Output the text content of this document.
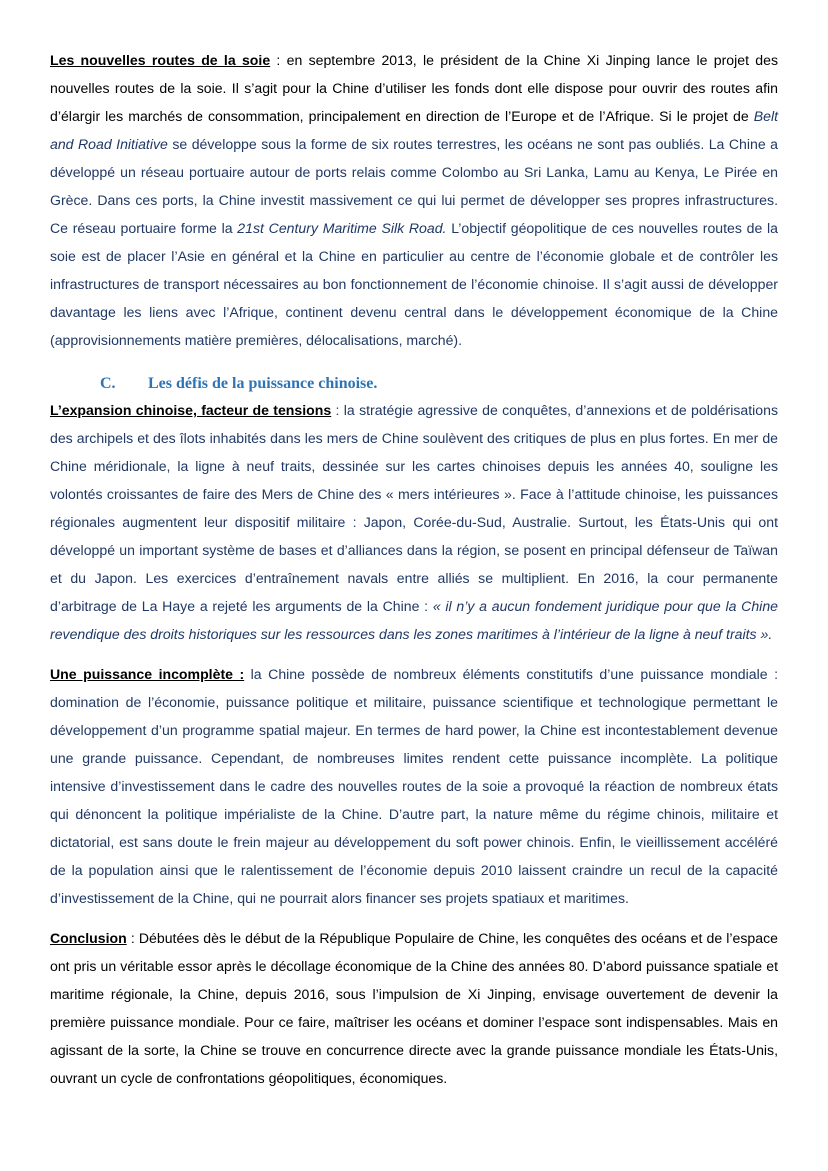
Les nouvelles routes de la soie : en septembre 2013, le président de la Chine Xi Jinping lance le projet des nouvelles routes de la soie. Il s’agit pour la Chine d’utiliser les fonds dont elle dispose pour ouvrir des routes afin d’élargir les marchés de consommation, principalement en direction de l’Europe et de l’Afrique. Si le projet de Belt and Road Initiative se développe sous la forme de six routes terrestres, les océans ne sont pas oubliés. La Chine a développé un réseau portuaire autour de ports relais comme Colombo au Sri Lanka, Lamu au Kenya, Le Pirée en Grèce. Dans ces ports, la Chine investit massivement ce qui lui permet de développer ses propres infrastructures. Ce réseau portuaire forme la 21st Century Maritime Silk Road. L’objectif géopolitique de ces nouvelles routes de la soie est de placer l’Asie en général et la Chine en particulier au centre de l’économie globale et de contrôler les infrastructures de transport nécessaires au bon fonctionnement de l’économie chinoise. Il s’agit aussi de développer davantage les liens avec l’Afrique, continent devenu central dans le développement économique de la Chine (approvisionnements matière premières, délocalisations, marché).

C.	Les défis de la puissance chinoise.

L’expansion chinoise, facteur de tensions : la stratégie agressive de conquêtes, d’annexions et de poldérisations des archipels et des îlots inhabités dans les mers de Chine soulèvent des critiques de plus en plus fortes. En mer de Chine méridionale, la ligne à neuf traits, dessinée sur les cartes chinoises depuis les années 40, souligne les volontés croissantes de faire des Mers de Chine des « mers intérieures ». Face à l’attitude chinoise, les puissances régionales augmentent leur dispositif militaire : Japon, Corée-du-Sud, Australie. Surtout, les États-Unis qui ont développé un important système de bases et d’alliances dans la région, se posent en principal défenseur de Taïwan et du Japon. Les exercices d’entraînement navals entre alliés se multiplient. En 2016, la cour permanente d’arbitrage de La Haye a rejeté les arguments de la Chine : « il n’y a aucun fondement juridique pour que la Chine revendique des droits historiques sur les ressources dans les zones maritimes à l’intérieur de la ligne à neuf traits ».

Une puissance incomplète : la Chine possède de nombreux éléments constitutifs d’une puissance mondiale : domination de l’économie, puissance politique et militaire, puissance scientifique et technologique permettant le développement d’un programme spatial majeur. En termes de hard power, la Chine est incontestablement devenue une grande puissance. Cependant, de nombreuses limites rendent cette puissance incomplète. La politique intensive d’investissement dans le cadre des nouvelles routes de la soie a provoqué la réaction de nombreux états qui dénoncent la politique impérialiste de la Chine. D’autre part, la nature même du régime chinois, militaire et dictatorial, est sans doute le frein majeur au développement du soft power chinois. Enfin, le vieillissement accéléré de la population ainsi que le ralentissement de l’économie depuis 2010 laissent craindre un recul de la capacité d’investissement de la Chine, qui ne pourrait alors financer ses projets spatiaux et maritimes.

Conclusion : Débutées dès le début de la République Populaire de Chine, les conquêtes des océans et de l’espace ont pris un véritable essor après le décollage économique de la Chine des années 80. D’abord puissance spatiale et maritime régionale, la Chine, depuis 2016, sous l’impulsion de Xi Jinping, envisage ouvertement de devenir la première puissance mondiale. Pour ce faire, maîtriser les océans et dominer l’espace sont indispensables. Mais en agissant de la sorte, la Chine se trouve en concurrence directe avec la grande puissance mondiale les États-Unis, ouvrant un cycle de confrontations géopolitiques, économiques.
